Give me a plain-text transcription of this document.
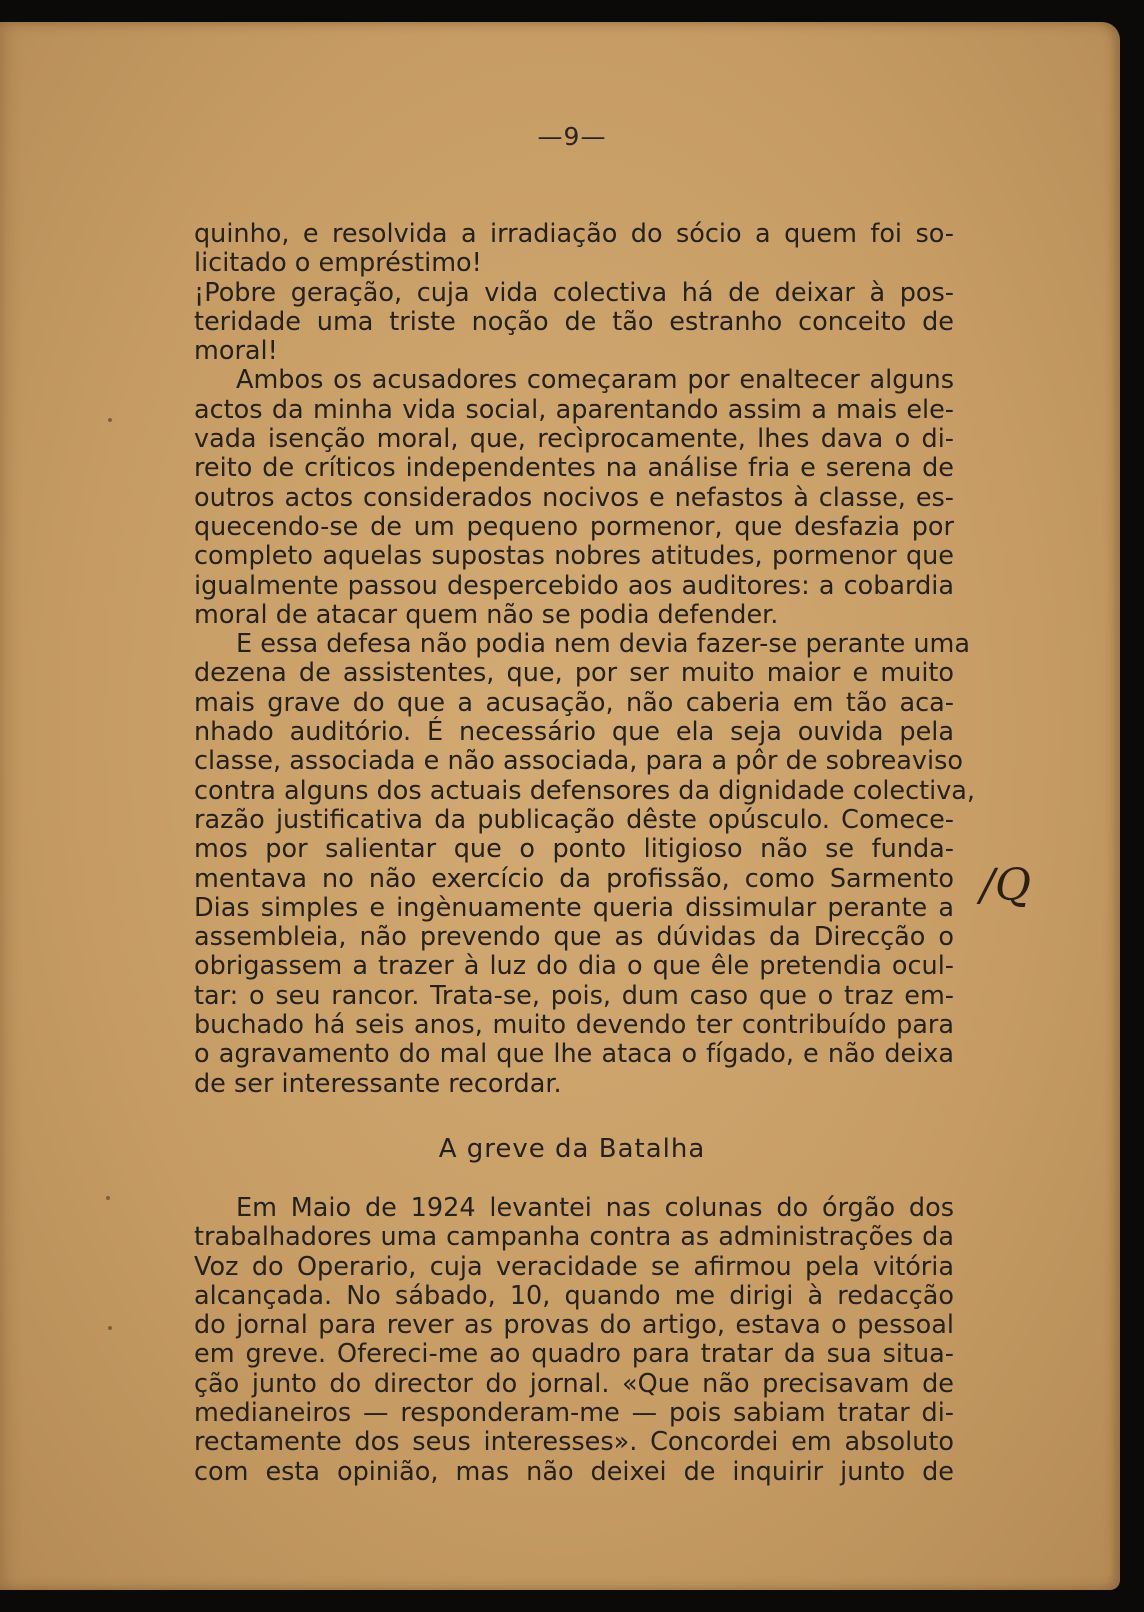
—9—
quinho, e resolvida a irradiação do sócio a quem foi so-
licitado o empréstimo!
¡Pobre geração, cuja vida colectiva há de deixar à pos-
teridade uma triste noção de tão estranho conceito de
moral!
Ambos os acusadores começaram por enaltecer alguns
actos da minha vida social, aparentando assim a mais ele-
vada isenção moral, que, recìprocamente, lhes dava o di-
reito de críticos independentes na análise fria e serena de
outros actos considerados nocivos e nefastos à classe, es-
quecendo-se de um pequeno pormenor, que desfazia por
completo aquelas supostas nobres atitudes, pormenor que
igualmente passou despercebido aos auditores: a cobardia
moral de atacar quem não se podia defender.
E essa defesa não podia nem devia fazer-se perante uma
dezena de assistentes, que, por ser muito maior e muito
mais grave do que a acusação, não caberia em tão aca-
nhado auditório. É necessário que ela seja ouvida pela
classe, associada e não associada, para a pôr de sobreaviso
contra alguns dos actuais defensores da dignidade colectiva,
razão justificativa da publicação dêste opúsculo. Comece-
mos por salientar que o ponto litigioso não se funda-
mentava no não exercício da profissão, como Sarmento
Dias simples e ingènuamente queria dissimular perante a
assembleia, não prevendo que as dúvidas da Direcção o
obrigassem a trazer à luz do dia o que êle pretendia ocul-
tar: o seu rancor. Trata-se, pois, dum caso que o traz em-
buchado há seis anos, muito devendo ter contribuído para
o agravamento do mal que lhe ataca o fígado, e não deixa
de ser interessante recordar.
A greve da Batalha
Em Maio de 1924 levantei nas colunas do órgão dos
trabalhadores uma campanha contra as administrações da
Voz do Operario, cuja veracidade se afirmou pela vitória
alcançada. No sábado, 10, quando me dirigi à redacção
do jornal para rever as provas do artigo, estava o pessoal
em greve. Ofereci-me ao quadro para tratar da sua situa-
ção junto do director do jornal. «Que não precisavam de
medianeiros — responderam-me — pois sabiam tratar di-
rectamente dos seus interesses». Concordei em absoluto
com esta opinião, mas não deixei de inquirir junto de
/Q
